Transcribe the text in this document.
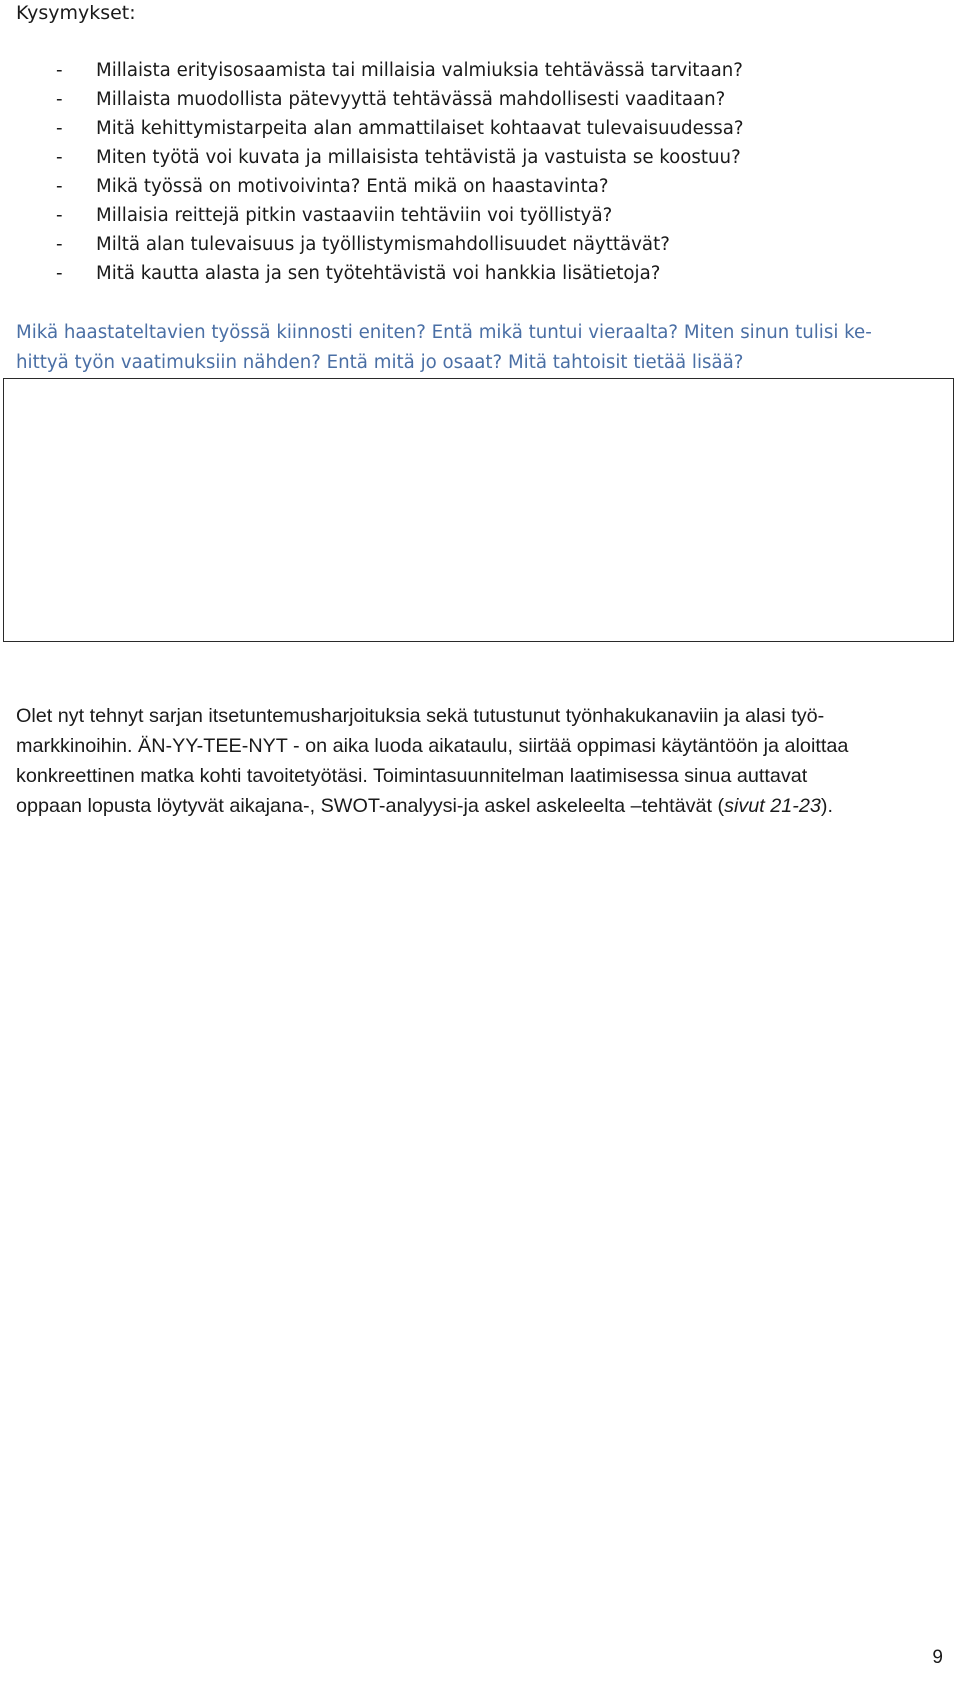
Kysymykset:
- Millaista erityisosaamista tai millaisia valmiuksia tehtävässä tarvitaan?
- Millaista muodollista pätevyyttä tehtävässä mahdollisesti vaaditaan?
- Mitä kehittymistarpeita alan ammattilaiset kohtaavat tulevaisuudessa?
- Miten työtä voi kuvata ja millaisista tehtävistä ja vastuista se koostuu?
- Mikä työssä on motivoivinta? Entä mikä on haastavinta?
- Millaisia reittejä pitkin vastaaviin tehtäviin voi työllistyä?
- Miltä alan tulevaisuus ja työllistymismahdollisuudet näyttävät?
- Mitä kautta alasta ja sen työtehtävistä voi hankkia lisätietoja?

Mikä haastateltavien työssä kiinnosti eniten? Entä mikä tuntui vieraalta? Miten sinun tulisi ke-
hittyä työn vaatimuksiin nähden? Entä mitä jo osaat? Mitä tahtoisit tietää lisää?

Olet nyt tehnyt sarjan itsetuntemusharjoituksia sekä tutustunut työnhakukanaviin ja alasi työ-
markkinoihin. ÄN-YY-TEE-NYT - on aika luoda aikataulu, siirtää oppimasi käytäntöön ja aloittaa
konkreettinen matka kohti tavoitetyötäsi. Toimintasuunnitelman laatimisessa sinua auttavat
oppaan lopusta löytyvät aikajana-, SWOT-analyysi-ja askel askeleelta –tehtävät (sivut 21-23).

9
